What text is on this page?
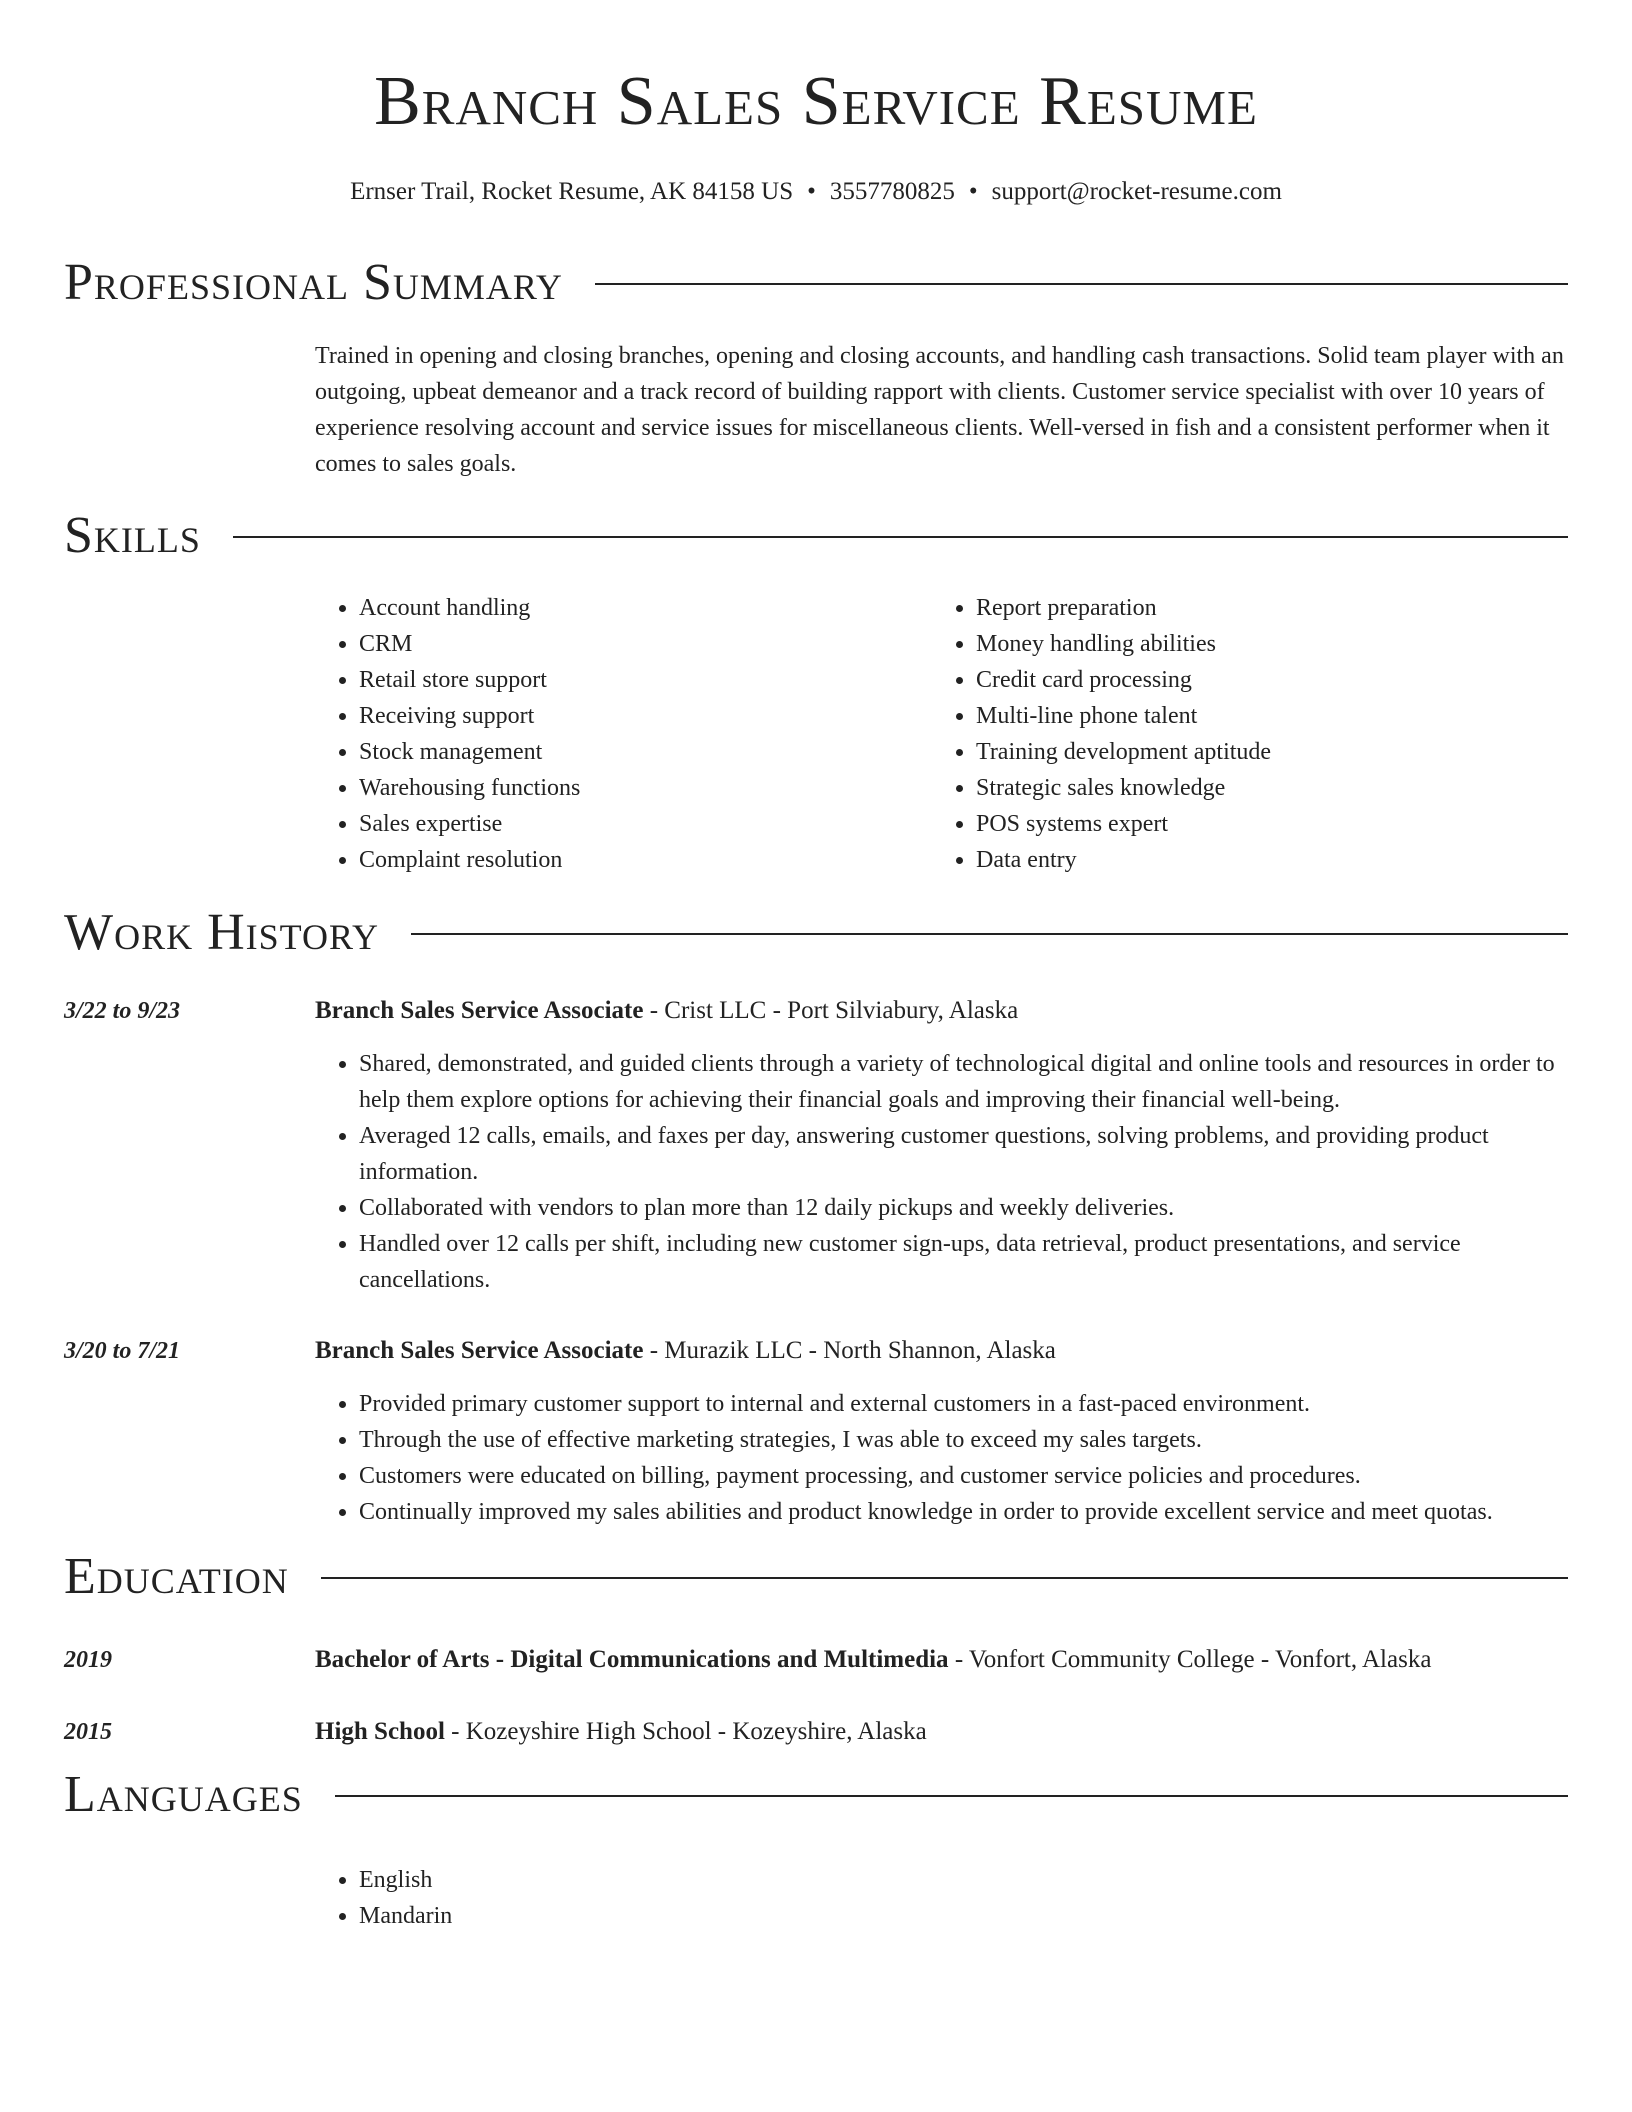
Branch Sales Service Resume
Ernser Trail, Rocket Resume, AK 84158 US • 3557780825 • support@rocket-resume.com
Professional Summary
Trained in opening and closing branches, opening and closing accounts, and handling cash transactions. Solid team player with an outgoing, upbeat demeanor and a track record of building rapport with clients. Customer service specialist with over 10 years of experience resolving account and service issues for miscellaneous clients. Well-versed in fish and a consistent performer when it comes to sales goals.
Skills
• Account handling
• CRM
• Retail store support
• Receiving support
• Stock management
• Warehousing functions
• Sales expertise
• Complaint resolution
• Report preparation
• Money handling abilities
• Credit card processing
• Multi-line phone talent
• Training development aptitude
• Strategic sales knowledge
• POS systems expert
• Data entry
Work History
3/22 to 9/23	Branch Sales Service Associate - Crist LLC - Port Silviabury, Alaska
• Shared, demonstrated, and guided clients through a variety of technological digital and online tools and resources in order to help them explore options for achieving their financial goals and improving their financial well-being.
• Averaged 12 calls, emails, and faxes per day, answering customer questions, solving problems, and providing product information.
• Collaborated with vendors to plan more than 12 daily pickups and weekly deliveries.
• Handled over 12 calls per shift, including new customer sign-ups, data retrieval, product presentations, and service cancellations.
3/20 to 7/21	Branch Sales Service Associate - Murazik LLC - North Shannon, Alaska
• Provided primary customer support to internal and external customers in a fast-paced environment.
• Through the use of effective marketing strategies, I was able to exceed my sales targets.
• Customers were educated on billing, payment processing, and customer service policies and procedures.
• Continually improved my sales abilities and product knowledge in order to provide excellent service and meet quotas.
Education
2019	Bachelor of Arts - Digital Communications and Multimedia - Vonfort Community College - Vonfort, Alaska
2015	High School - Kozeyshire High School - Kozeyshire, Alaska
Languages
• English
• Mandarin
